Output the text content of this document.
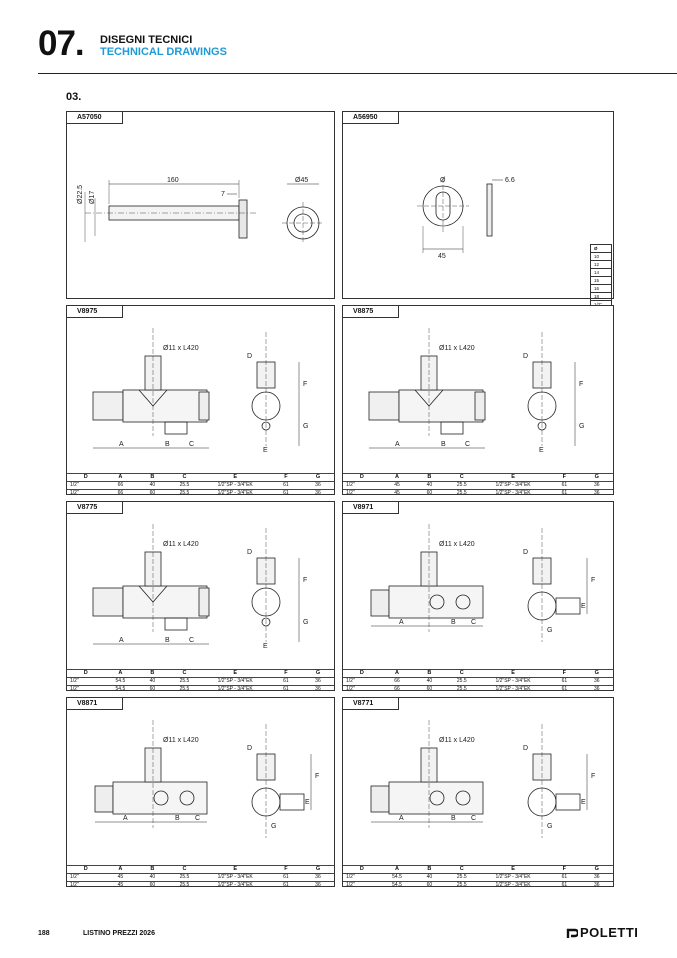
07. DISEGNI TECNICI
TECHNICAL DRAWINGS
03.
A57050
160
7
Ø45
Ø22.5 Ø17
A56950
Ø	6.6
45
Ø
10
12
14
15
16
18

V8975
Ø11 x L420
A	B	C
D
E
F
G
D	A	B	C	E	F	G
1/2"	66	40	25.5	1/2"SP - 3/4"EK	61	36
1/2"	66	60	25.5	1/2"SP - 3/4"EK	61	36
V8875
Ø11 x L420
A	B	C
D
E
F
G
D	A	B	C	E	F	G
1/2"	45	40	25.5	1/2"SP - 3/4"EK	61	36
1/2"	45	60	25.5	1/2"SP - 3/4"EK	61	36
V8775
Ø11 x L420
A	B	C
D
E
F
G
D	A	B	C	E	F	G
1/2"	54.5	40	25.5	1/2"SP - 3/4"EK	61	36
1/2"	54.5	60	25.5	1/2"SP - 3/4"EK	61	36
V8971
Ø11 x L420
A	B C
D
E
F
G
D	A	B	C	E	F	G
1/2"	66	40	25.5	1/2"SP - 3/4"EK	61	36
1/2"	66	60	25.5	1/2"SP - 3/4"EK	61	36
V8871
Ø11 x L420
A	B C
D
E
F
G
D	A	B	C	E	F	G
1/2"	45	40	25.5	1/2"SP - 3/4"EK	61	36
1/2"	45	60	25.5	1/2"SP - 3/4"EK	61	36
V8771
Ø11 x L420
A	B C
D
E
F
G
D	A	B	C	E	F	G
1/2"	54.5	40	25.5	1/2"SP - 3/4"EK	61	36
1/2"	54.5	60	25.5	1/2"SP - 3/4"EK	61	36
188	LISTINO PREZZI 2026	POLETTI
